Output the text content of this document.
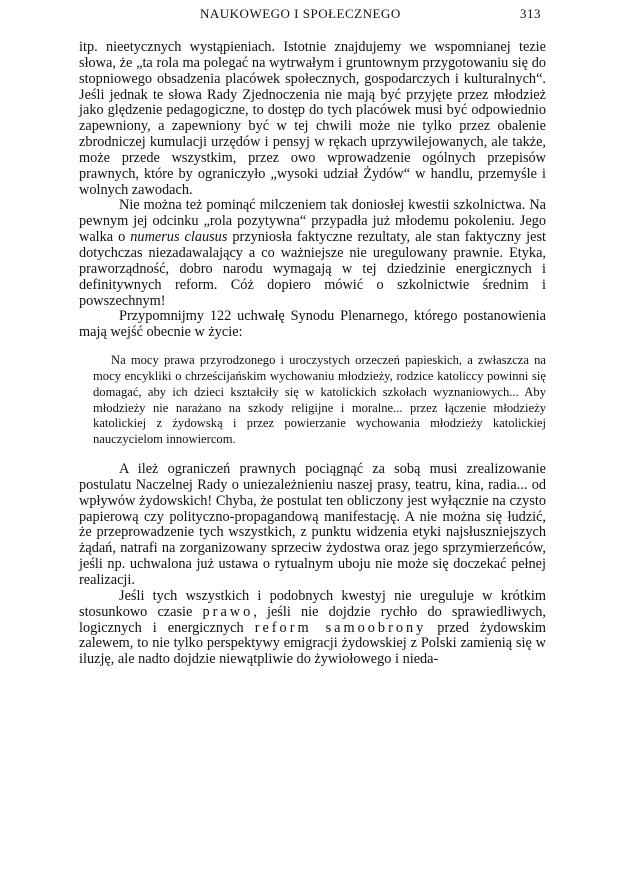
NAUKOWEGO I SPOŁECZNEGO	313

itp. nieetycznych wystąpieniach. Istotnie znajdujemy we wspomnianej tezie słowa, że „ta rola ma polegać na wytrwałym i gruntownym przygotowaniu się do stopniowego obsadzenia placówek społecznych, gospodarczych i kulturalnych“. Jeśli jednak te słowa Rady Zjednoczenia nie mają być przyjęte przez młodzież jako ględzenie pedagogiczne, to dostęp do tych placówek musi być odpowiednio zapewniony, a zapewniony być w tej chwili może nie tylko przez obalenie zbrodniczej kumulacji urzędów i pensyj w rękach uprzywilejowanych, ale także, może przede wszystkim, przez owo wprowadzenie ogólnych przepisów prawnych, które by ograniczyło „wysoki udział Żydów“ w handlu, przemyśle i wolnych zawodach.

Nie można też pominąć milczeniem tak doniosłej kwestii szkolnictwa. Na pewnym jej odcinku „rola pozytywna“ przypadła już młodemu pokoleniu. Jego walka o numerus clausus przyniosła faktyczne rezultaty, ale stan faktyczny jest dotychczas niezadawalający a co ważniejsze nie uregulowany prawnie. Etyka, praworządność, dobro narodu wymagają w tej dziedzinie energicznych i definitywnych reform. Cóż dopiero mówić o szkolnictwie średnim i powszechnym!

Przypomnijmy 122 uchwałę Synodu Plenarnego, którego postanowienia mają wejść obecnie w życie:

Na mocy prawa przyrodzonego i uroczystych orzeczeń papieskich, a zwłaszcza na mocy encykliki o chrześcijańskim wychowaniu młodzieży, rodzice katoliccy powinni się domagać, aby ich dzieci kształciły się w katolickich szkołach wyznaniowych... Aby młodzieży nie narażano na szkody religijne i moralne... przez łączenie młodzieży katolickiej z żydowską i przez powierzanie wychowania młodzieży katolickiej nauczycielom innowiercom.

A ileż ograniczeń prawnych pociągnąć za sobą musi zrealizowanie postulatu Naczelnej Rady o uniezależnieniu naszej prasy, teatru, kina, radia... od wpływów żydowskich! Chyba, że postulat ten obliczony jest wyłącznie na czysto papierową czy polityczno-propagandową manifestację. A nie można się łudzić, że przeprowadzenie tych wszystkich, z punktu widzenia etyki najsłuszniejszych żądań, natrafi na zorganizowany sprzeciw żydostwa oraz jego sprzymierzeńców, jeśli np. uchwalona już ustawa o rytualnym uboju nie może się doczekać pełnej realizacji.

Jeśli tych wszystkich i podobnych kwestyj nie ureguluje w krótkim stosunkowo czasie prawo, jeśli nie dojdzie rychło do sprawiedliwych, logicznych i energicznych reform samoobrony przed żydowskim zalewem, to nie tylko perspektywy emigracji żydowskiej z Polski zamienią się w iluzję, ale nadto dojdzie niewątpliwie do żywiołowego i nieda-
